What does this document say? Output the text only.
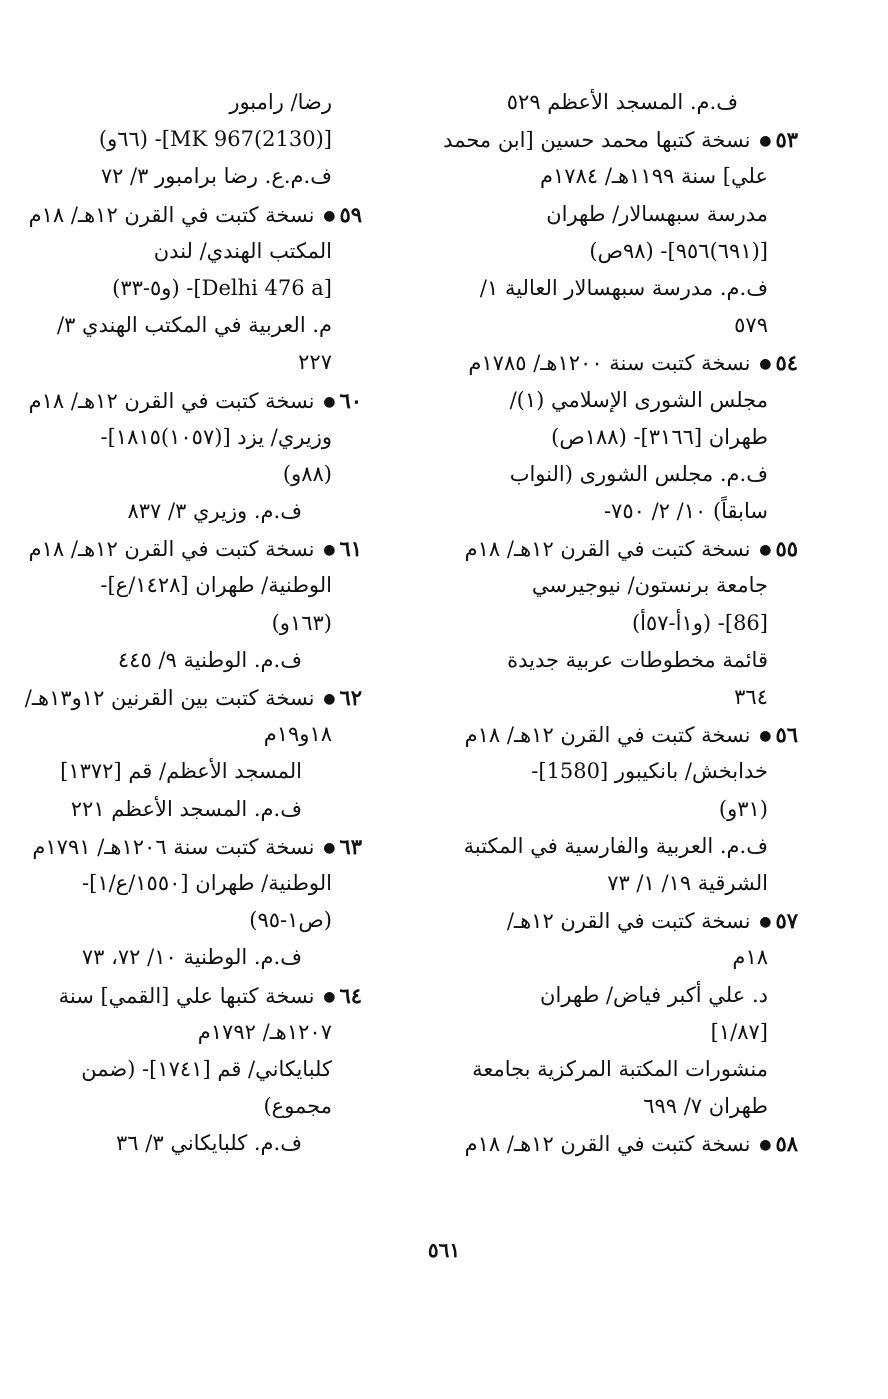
ف.م. المسجد الأعظم ٥٢٩
٥٣● نسخة كتبها محمد حسين [ابن محمد
علي] سنة ١١٩٩هـ/ ١٧٨٤م
مدرسة سبهسالار/ طهران
[(٦٩١)٩٥٦]- (٩٨ص)
ف.م. مدرسة سبهسالار العالية ١/
٥٧٩
٥٤● نسخة كتبت سنة ١٢٠٠هـ/ ١٧٨٥م
مجلس الشورى الإسلامي (١)/
طهران [٣١٦٦]- (١٨٨ص)
ف.م. مجلس الشورى (النواب
سابقاً) ١٠/ ٢/ ٧٥٠-
٥٥● نسخة كتبت في القرن ١٢هـ/ ١٨م
جامعة برنستون/ نيوجيرسي
[86]- (و١أ-٥٧أ)
قائمة مخطوطات عربية جديدة
٣٦٤
٥٦● نسخة كتبت في القرن ١٢هـ/ ١٨م
خدابخش/ بانكيبور [1580]-
(٣١و)
ف.م. العربية والفارسية في المكتبة
الشرقية ١٩/ ١/ ٧٣
٥٧● نسخة كتبت في القرن ١٢هـ/
١٨م
د. علي أكبر فياض/ طهران
[١/٨٧]
منشورات المكتبة المركزية بجامعة
طهران ٧/ ٦٩٩
٥٨● نسخة كتبت في القرن ١٢هـ/ ١٨م
رضا/ رامبور
[(2130)967 MK]- (٦٦و)
ف.م.ع. رضا برامبور ٣/ ٧٢
٥٩● نسخة كتبت في القرن ١٢هـ/ ١٨م
المكتب الهندي/ لندن
[Delhi 476 a]- (و٥-٣٣)
م. العربية في المكتب الهندي ٣/
٢٢٧
٦٠● نسخة كتبت في القرن ١٢هـ/ ١٨م
وزيري/ يزد [(١٠٥٧)١٨١٥]-
(٨٨و)
ف.م. وزيري ٣/ ٨٣٧
٦١● نسخة كتبت في القرن ١٢هـ/ ١٨م
الوطنية/ طهران [١٤٢٨/ع]-
(١٦٣و)
ف.م. الوطنية ٩/ ٤٤٥
٦٢● نسخة كتبت بين القرنين ١٢و١٣هـ/
١٨و١٩م
المسجد الأعظم/ قم [١٣٧٢]
ف.م. المسجد الأعظم ٢٢١
٦٣● نسخة كتبت سنة ١٢٠٦هـ/ ١٧٩١م
الوطنية/ طهران [١٥٥٠/ع/١]-
(ص١-٩٥)
ف.م. الوطنية ١٠/ ٧٢، ٧٣
٦٤● نسخة كتبها علي [القمي] سنة
١٢٠٧هـ/ ١٧٩٢م
كلبايكاني/ قم [١٧٤١]- (ضمن
مجموع)
ف.م. كلبايكاني ٣/ ٣٦
٥٦١
